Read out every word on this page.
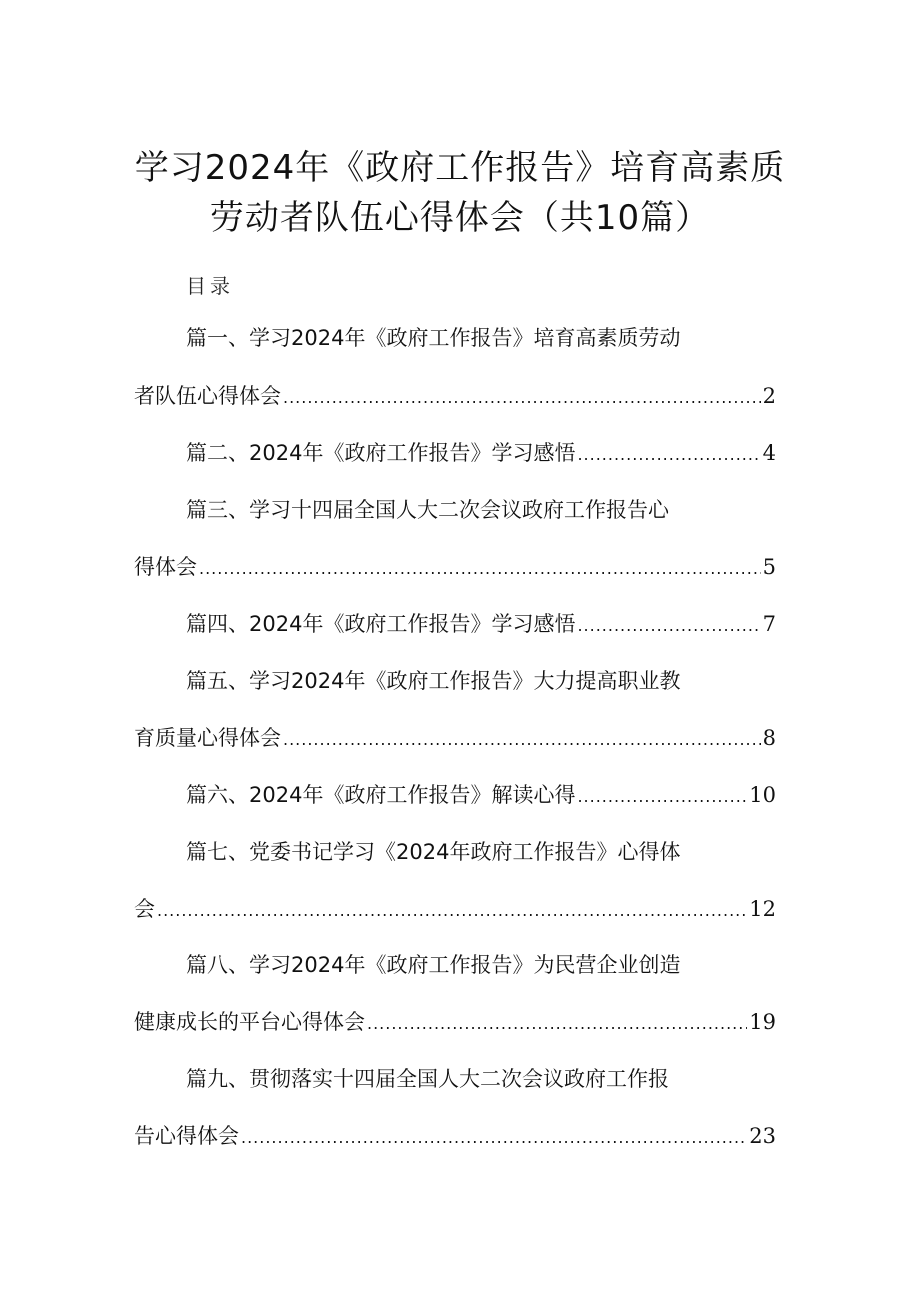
学习2024年《政府工作报告》培育高素质
劳动者队伍心得体会（共10篇）
目录
篇一、学习2024年《政府工作报告》培育高素质劳动
者队伍心得体会 .....	2
篇二、2024年《政府工作报告》学习感悟 .....	4
篇三、学习十四届全国人大二次会议政府工作报告心
得体会 .....	5
篇四、2024年《政府工作报告》学习感悟 .....	7
篇五、学习2024年《政府工作报告》大力提高职业教
育质量心得体会 .....	8
篇六、2024年《政府工作报告》解读心得 .....	10
篇七、党委书记学习《2024年政府工作报告》心得体
会 .....	12
篇八、学习2024年《政府工作报告》为民营企业创造
健康成长的平台心得体会 .....	19
篇九、贯彻落实十四届全国人大二次会议政府工作报
告心得体会 .....	23
